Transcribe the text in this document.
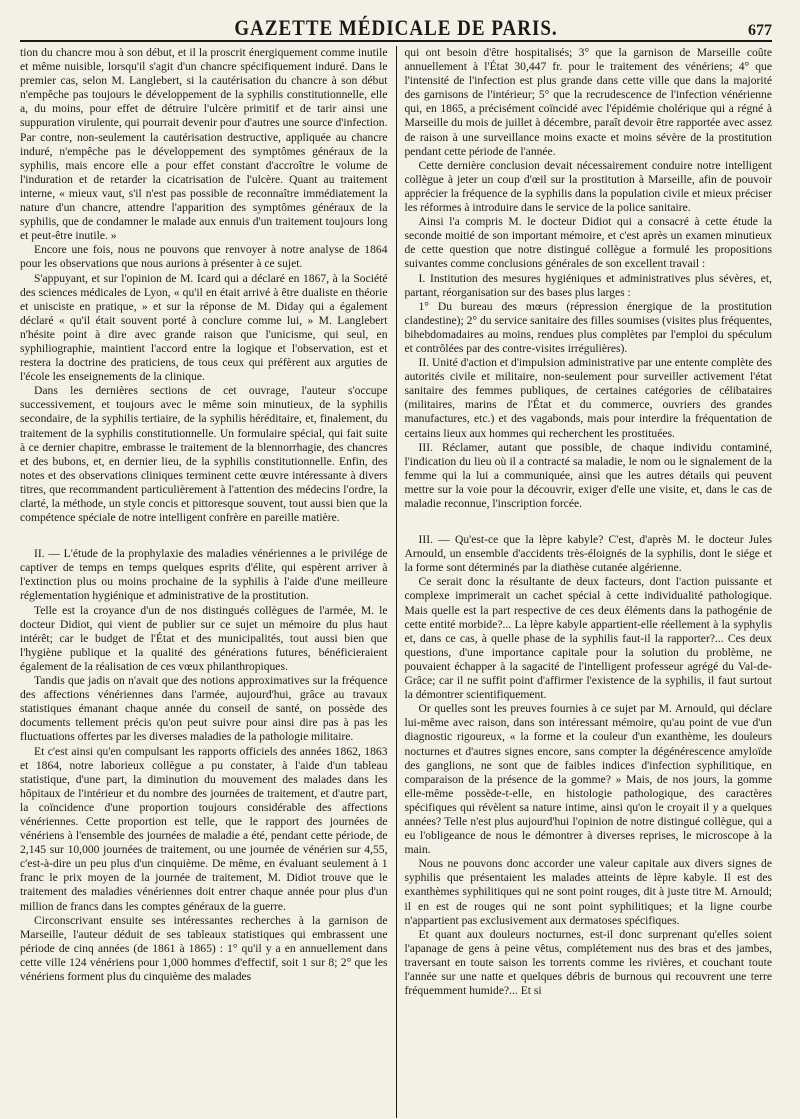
GAZETTE MÉDICALE DE PARIS.	677

tion du chancre mou à son début, et il la proscrit énergiquement comme inutile et même nuisible, lorsqu'il s'agit d'un chancre spécifiquement induré. Dans le premier cas, selon M. Langlebert, si la cautérisation du chancre à son début n'empêche pas toujours le développement de la syphilis constitutionnelle, elle a, du moins, pour effet de détruire l'ulcère primitif et de tarir ainsi une suppuration virulente, qui pourrait devenir pour d'autres une source d'infection. Par contre, non-seulement la cautérisation destructive, appliquée au chancre induré, n'empêche pas le développement des symptômes généraux de la syphilis, mais encore elle a pour effet constant d'accroître le volume de l'induration et de retarder la cicatrisation de l'ulcère. Quant au traitement interne, « mieux vaut, s'il n'est pas possible de reconnaître immédiatement la nature d'un chancre, attendre l'apparition des symptômes généraux de la syphilis, que de condamner le malade aux ennuis d'un traitement toujours long et peut-être inutile. »

Encore une fois, nous ne pouvons que renvoyer à notre analyse de 1864 pour les observations que nous aurions à présenter à ce sujet.

S'appuyant, et sur l'opinion de M. Icard qui a déclaré en 1867, à la Société des sciences médicales de Lyon, « qu'il en était arrivé à être dualiste en théorie et unisciste en pratique, » et sur la réponse de M. Diday qui a également déclaré « qu'il était souvent porté à conclure comme lui, » M. Langlebert n'hésite point à dire avec grande raison que l'unicisme, qui seul, en syphiliographie, maintient l'accord entre la logique et l'observation, est et restera la doctrine des praticiens, de tous ceux qui préfèrent aux arguties de l'école les enseignements de la clinique.

Dans les dernières sections de cet ouvrage, l'auteur s'occupe successivement, et toujours avec le même soin minutieux, de la syphilis secondaire, de la syphilis tertiaire, de la syphilis héréditaire, et, finalement, du traitement de la syphilis constitutionnelle. Un formulaire spécial, qui fait suite à ce dernier chapitre, embrasse le traitement de la blennorrhagie, des chancres et des bubons, et, en dernier lieu, de la syphilis constitutionnelle. Enfin, des notes et des observations cliniques terminent cette œuvre intéressante à divers titres, que recommandent particulièrement à l'attention des médecins l'ordre, la clarté, la méthode, un style concis et pittoresque souvent, tout aussi bien que la compétence spéciale de notre intelligent confrère en pareille matière.

II. — L'étude de la prophylaxie des maladies vénériennes a le privilége de captiver de temps en temps quelques esprits d'élite, qui espèrent arriver à l'extinction plus ou moins prochaine de la syphilis à l'aide d'une meilleure réglementation hygiénique et administrative de la prostitution.

Telle est la croyance d'un de nos distingués collègues de l'armée, M. le docteur Didiot, qui vient de publier sur ce sujet un mémoire du plus haut intérêt; car le budget de l'État et des municipalités, tout aussi bien que l'hygiène publique et la qualité des générations futures, bénéficieraient également de la réalisation de ces vœux philanthropiques.

Tandis que jadis on n'avait que des notions approximatives sur la fréquence des affections vénériennes dans l'armée, aujourd'hui, grâce au travaux statistiques émanant chaque année du conseil de santé, on possède des documents tellement précis qu'on peut suivre pour ainsi dire pas à pas les fluctuations offertes par les diverses maladies de la pathologie militaire.

Et c'est ainsi qu'en compulsant les rapports officiels des années 1862, 1863 et 1864, notre laborieux collègue a pu constater, à l'aide d'un tableau statistique, d'une part, la diminution du mouvement des malades dans les hôpitaux de l'intérieur et du nombre des journées de traitement, et d'autre part, la coïncidence d'une proportion toujours considérable des affections vénériennes. Cette proportion est telle, que le rapport des journées de vénériens à l'ensemble des journées de maladie a été, pendant cette période, de 2,145 sur 10,000 journées de traitement, ou une journée de vénérien sur 4,55, c'est-à-dire un peu plus d'un cinquième. De même, en évaluant seulement à 1 franc le prix moyen de la journée de traitement, M. Didiot trouve que le traitement des maladies vénériennes doit entrer chaque année pour plus d'un million de francs dans les comptes généraux de la guerre.

Circonscrivant ensuite ses intéressantes recherches à la garnison de Marseille, l'auteur déduit de ses tableaux statistiques qui embrassent une période de cinq années (de 1861 à 1865) : 1° qu'il y a en annuellement dans cette ville 124 vénériens pour 1,000 hommes d'effectif, soit 1 sur 8; 2° que les vénériens forment plus du cinquième des malades

qui ont besoin d'être hospitalisés; 3° que la garnison de Marseille coûte annuellement à l'État 30,447 fr. pour le traitement des vénériens; 4° que l'intensité de l'infection est plus grande dans cette ville que dans la majorité des garnisons de l'intérieur; 5° que la recrudescence de l'infection vénérienne qui, en 1865, a précisément coïncidé avec l'épidémie cholérique qui a régné à Marseille du mois de juillet à décembre, paraît devoir être rapportée avec assez de raison à une surveillance moins exacte et moins sévère de la prostitution pendant cette période de l'année.

Cette dernière conclusion devait nécessairement conduire notre intelligent collègue à jeter un coup d'œil sur la prostitution à Marseille, afin de pouvoir apprécier la fréquence de la syphilis dans la population civile et mieux préciser les réformes à introduire dans le service de la police sanitaire.

Ainsi l'a compris M. le docteur Didiot qui a consacré à cette étude la seconde moitié de son important mémoire, et c'est après un examen minutieux de cette question que notre distingué collègue a formulé les propositions suivantes comme conclusions générales de son excellent travail :

I. Institution des mesures hygiéniques et administratives plus sévères, et, partant, réorganisation sur des bases plus larges :

1° Du bureau des mœurs (répression énergique de la prostitution clandestine); 2° du service sanitaire des filles soumises (visites plus fréquentes, bihebdomadaires au moins, rendues plus complètes par l'emploi du spéculum et contrôlées par des contre-visites irrégulières).

II. Unité d'action et d'impulsion administrative par une entente complète des autorités civile et militaire, non-seulement pour surveiller activement l'état sanitaire des femmes publiques, de certaines catégories de célibataires (militaires, marins de l'État et du commerce, ouvriers des grandes manufactures, etc.) et des vagabonds, mais pour interdire la fréquentation de certains lieux aux hommes qui recherchent les prostituées.

III. Réclamer, autant que possible, de chaque individu contaminé, l'indication du lieu où il a contracté sa maladie, le nom ou le signalement de la femme qui la lui a communiquée, ainsi que les autres détails qui peuvent mettre sur la voie pour la découvrir, exiger d'elle une visite, et, dans le cas de maladie reconnue, l'inscription forcée.

III. — Qu'est-ce que la lèpre kabyle? C'est, d'après M. le docteur Jules Arnould, un ensemble d'accidents très-éloignés de la syphilis, dont le siége et la forme sont déterminés par la diathèse cutanée algérienne.

Ce serait donc la résultante de deux facteurs, dont l'action puissante et complexe imprimerait un cachet spécial à cette individualité pathologique. Mais quelle est la part respective de ces deux éléments dans la pathogénie de cette entité morbide?... La lèpre kabyle appartient-elle réellement à la syphylis et, dans ce cas, à quelle phase de la syphilis faut-il la rapporter?... Ces deux questions, d'une importance capitale pour la solution du problème, ne pouvaient échapper à la sagacité de l'intelligent professeur agrégé du Val-de-Grâce; car il ne suffit point d'affirmer l'existence de la syphilis, il faut surtout la démontrer scientifiquement.

Or quelles sont les preuves fournies à ce sujet par M. Arnould, qui déclare lui-même avec raison, dans son intéressant mémoire, qu'au point de vue d'un diagnostic rigoureux, « la forme et la couleur d'un exanthème, les douleurs nocturnes et d'autres signes encore, sans compter la dégénérescence amyloïde des ganglions, ne sont que de faibles indices d'infection syphilitique, en comparaison de la présence de la gomme? » Mais, de nos jours, la gomme elle-même possède-t-elle, en histologie pathologique, des caractères spécifiques qui révèlent sa nature intime, ainsi qu'on le croyait il y a quelques années? Telle n'est plus aujourd'hui l'opinion de notre distingué collègue, qui a eu l'obligeance de nous le démontrer à diverses reprises, le microscope à la main.

Nous ne pouvons donc accorder une valeur capitale aux divers signes de syphilis que présentaient les malades atteints de lèpre kabyle. Il est des exanthèmes syphilitiques qui ne sont point rouges, dit à juste titre M. Arnould; il en est de rouges qui ne sont point syphilitiques; et la ligne courbe n'appartient pas exclusivement aux dermatoses spécifiques.

Et quant aux douleurs nocturnes, est-il donc surprenant qu'elles soient l'apanage de gens à peine vêtus, complétement nus des bras et des jambes, traversant en toute saison les torrents comme les rivières, et couchant toute l'année sur une natte et quelques débris de burnous qui recouvrent une terre fréquemment humide?... Et si
